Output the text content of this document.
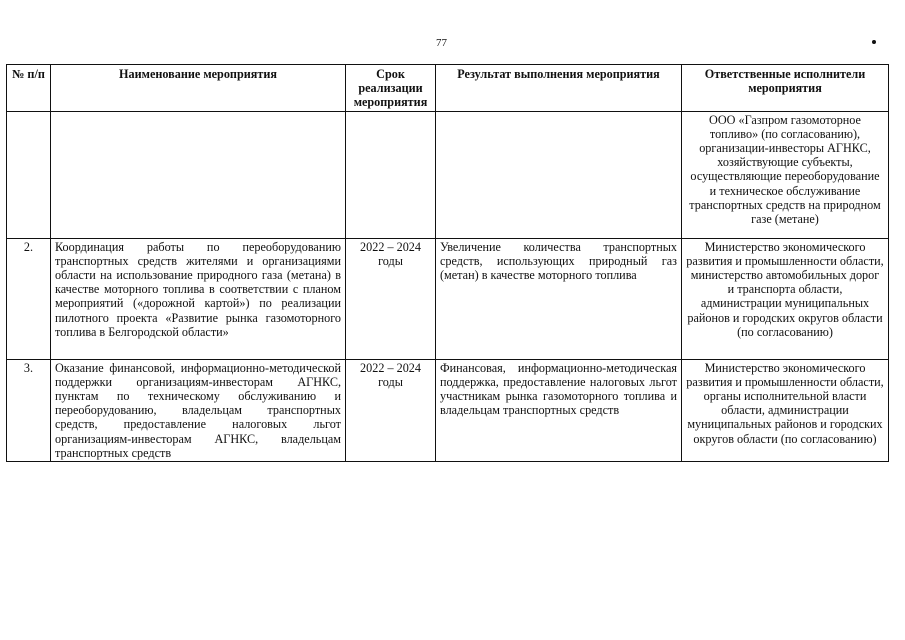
77
№ п/п	Наименование мероприятия	Срок реализации мероприятия	Результат выполнения мероприятия	Ответственные исполнители мероприятия
				ООО «Газпром газомоторное топливо» (по согласованию), организации-инвесторы АГНКС, хозяйствующие субъекты, осуществляющие переоборудование и техническое обслуживание транспортных средств на природном газе (метане)
2.	Координация работы по переоборудованию транспортных средств жителями и организациями области на использование природного газа (метана) в качестве моторного топлива в соответствии с планом мероприятий («дорожной картой») по реализации пилотного проекта «Развитие рынка газомоторного топлива в Белгородской области»	2022 – 2024 годы	Увеличение количества транспортных средств, использующих природный газ (метан) в качестве моторного топлива	Министерство экономического развития и промышленности области, министерство автомобильных дорог и транспорта области, администрации муниципальных районов и городских округов области (по согласованию)
3.	Оказание финансовой, информационно-методической поддержки организациям-инвесторам АГНКС, пунктам по техническому обслуживанию и переоборудованию, владельцам транспортных средств, предоставление налоговых льгот организациям-инвесторам АГНКС, владельцам транспортных средств	2022 – 2024 годы	Финансовая, информационно-методическая поддержка, предоставление налоговых льгот участникам рынка газомоторного топлива и владельцам транспортных средств	Министерство экономического развития и промышленности области, органы исполнительной власти области, администрации муниципальных районов и городских округов области (по согласованию)
